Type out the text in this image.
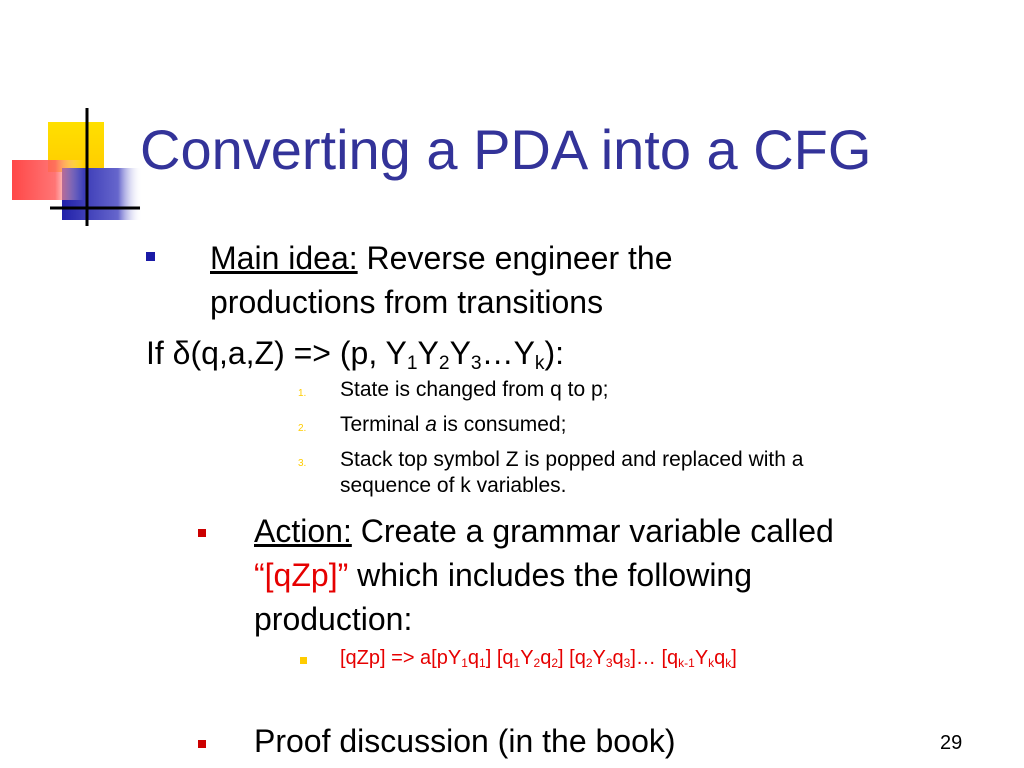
Converting a PDA into a CFG
Main idea: Reverse engineer the
productions from transitions
If δ(q,a,Z) => (p, $Y_1Y_2Y_3\dots Y_k$):
1. State is changed from q to p;
2. Terminal a is consumed;
3. Stack top symbol Z is popped and replaced with a
sequence of k variables.
Action: Create a grammar variable called
“[qZp]” which includes the following
production:
$[qZp] => a[pY_1q_1]$ $[q_1Y_2q_2]$ $[q_2Y_3q_3]\dots$ $[q_{k-1}Y_kq_k]$
Proof discussion (in the book)	29
